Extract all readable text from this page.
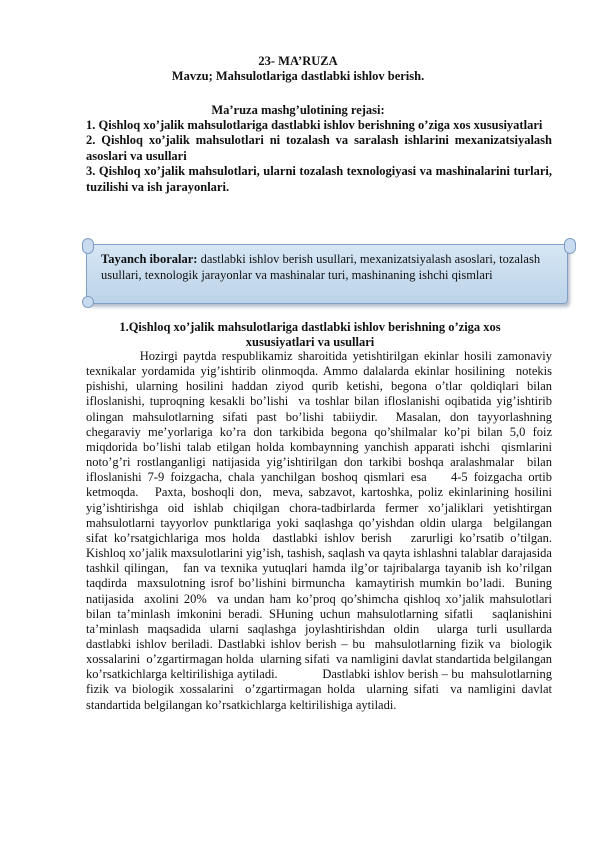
23- MA’RUZA
Mavzu; Mahsulotlariga dastlabki ishlov berish.
Ma’ruza mashg’ulotining rejasi:

1. Qishloq xo’jalik mahsulotlariga dastlabki ishlov berishning o’ziga xos xususiyatlari

2. Qishloq xo’jalik mahsulotlari ni tozalash va saralash ishlarini mexanizatsiyalash asoslari va usullari

3. Qishloq xo’jalik mahsulotlari, ularni tozalash texnologiyasi va mashinalarini turlari, tuzilishi va ish jarayonlari.

Tayanch iboralar: dastlabki ishlov berish usullari, mexanizatsiyalash asoslari, tozalash usullari, texnologik jarayonlar va mashinalar turi, mashinaning ishchi qismlari
1.Qishloq xo’jalik mahsulotlariga dastlabki ishlov berishning o’ziga xos xususiyatlari va usullari

Hozirgi paytda respublikamiz sharoitida yetishtirilgan ekinlar hosili zamonaviy texnikalar yordamida yig’ishtirib olinmoqda. Ammo dalalarda ekinlar hosilining  notekis pishishi, ularning hosilini haddan ziyod qurib ketishi, begona o’tlar qoldiqlari bilan ifloslanishi, tuproqning kesakli bo’lishi  va toshlar bilan ifloslanishi oqibatida yig’ishtirib olingan mahsulotlarning sifati past bo’lishi tabiiydir.  Masalan, don tayyorlashning chegaraviy me’yorlariga ko’ra don tarkibida begona qo’shilmalar ko’pi bilan 5,0 foiz miqdorida bo’lishi talab etilgan holda kombaynning yanchish apparati ishchi  qismlarini noto’g’ri rostlanganligi natijasida yig’ishtirilgan don tarkibi boshqa aralashmalar  bilan  ifloslanishi 7-9 foizgacha, chala yanchilgan boshoq qismlari esa    4-5 foizgacha ortib ketmoqda.   Paxta, boshoqli don,  meva, sabzavot, kartoshka, poliz ekinlarining hosilini  yig’ishtirishga oid ishlab chiqilgan chora-tadbirlarda fermer xo’jaliklari yetishtirgan mahsulotlarni tayyorlov punktlariga yoki saqlashga qo’yishdan oldin ularga  belgilangan sifat ko’rsatgichlariga mos holda  dastlabki ishlov berish   zarurligi ko’rsatib o’tilgan. Kishloq xo’jalik maxsulotlarini yig’ish, tashish, saqlash va qayta ishlashni talablar darajasida  tashkil qilingan,   fan va texnika yutuqlari hamda ilg’or tajribalarga tayanib ish ko’rilgan taqdirda  maxsulotning isrof bo’lishini birmuncha  kamaytirish mumkin bo’ladi.  Buning natijasida  axolini 20%  va undan ham ko’proq qo’shimcha qishloq xo’jalik mahsulotlari bilan ta’minlash imkonini beradi. SHuning uchun mahsulotlarning sifatli   saqlanishini ta’minlash maqsadida ularni saqlashga joylashtirishdan oldin  ularga turli usullarda  dastlabki ishlov beriladi. Dastlabki ishlov berish – bu  mahsulotlarning fizik va  biologik xossalarini  o’zgartirmagan holda  ularning sifati  va namligini davlat standartida belgilangan ko’rsatkichlarga keltirilishiga aytiladi.             Dastlabki ishlov berish – bu  mahsulotlarning fizik va biologik xossalarini  o’zgartirmagan holda  ularning sifati  va namligini davlat standartida belgilangan ko’rsatkichlarga keltirilishiga aytiladi.
